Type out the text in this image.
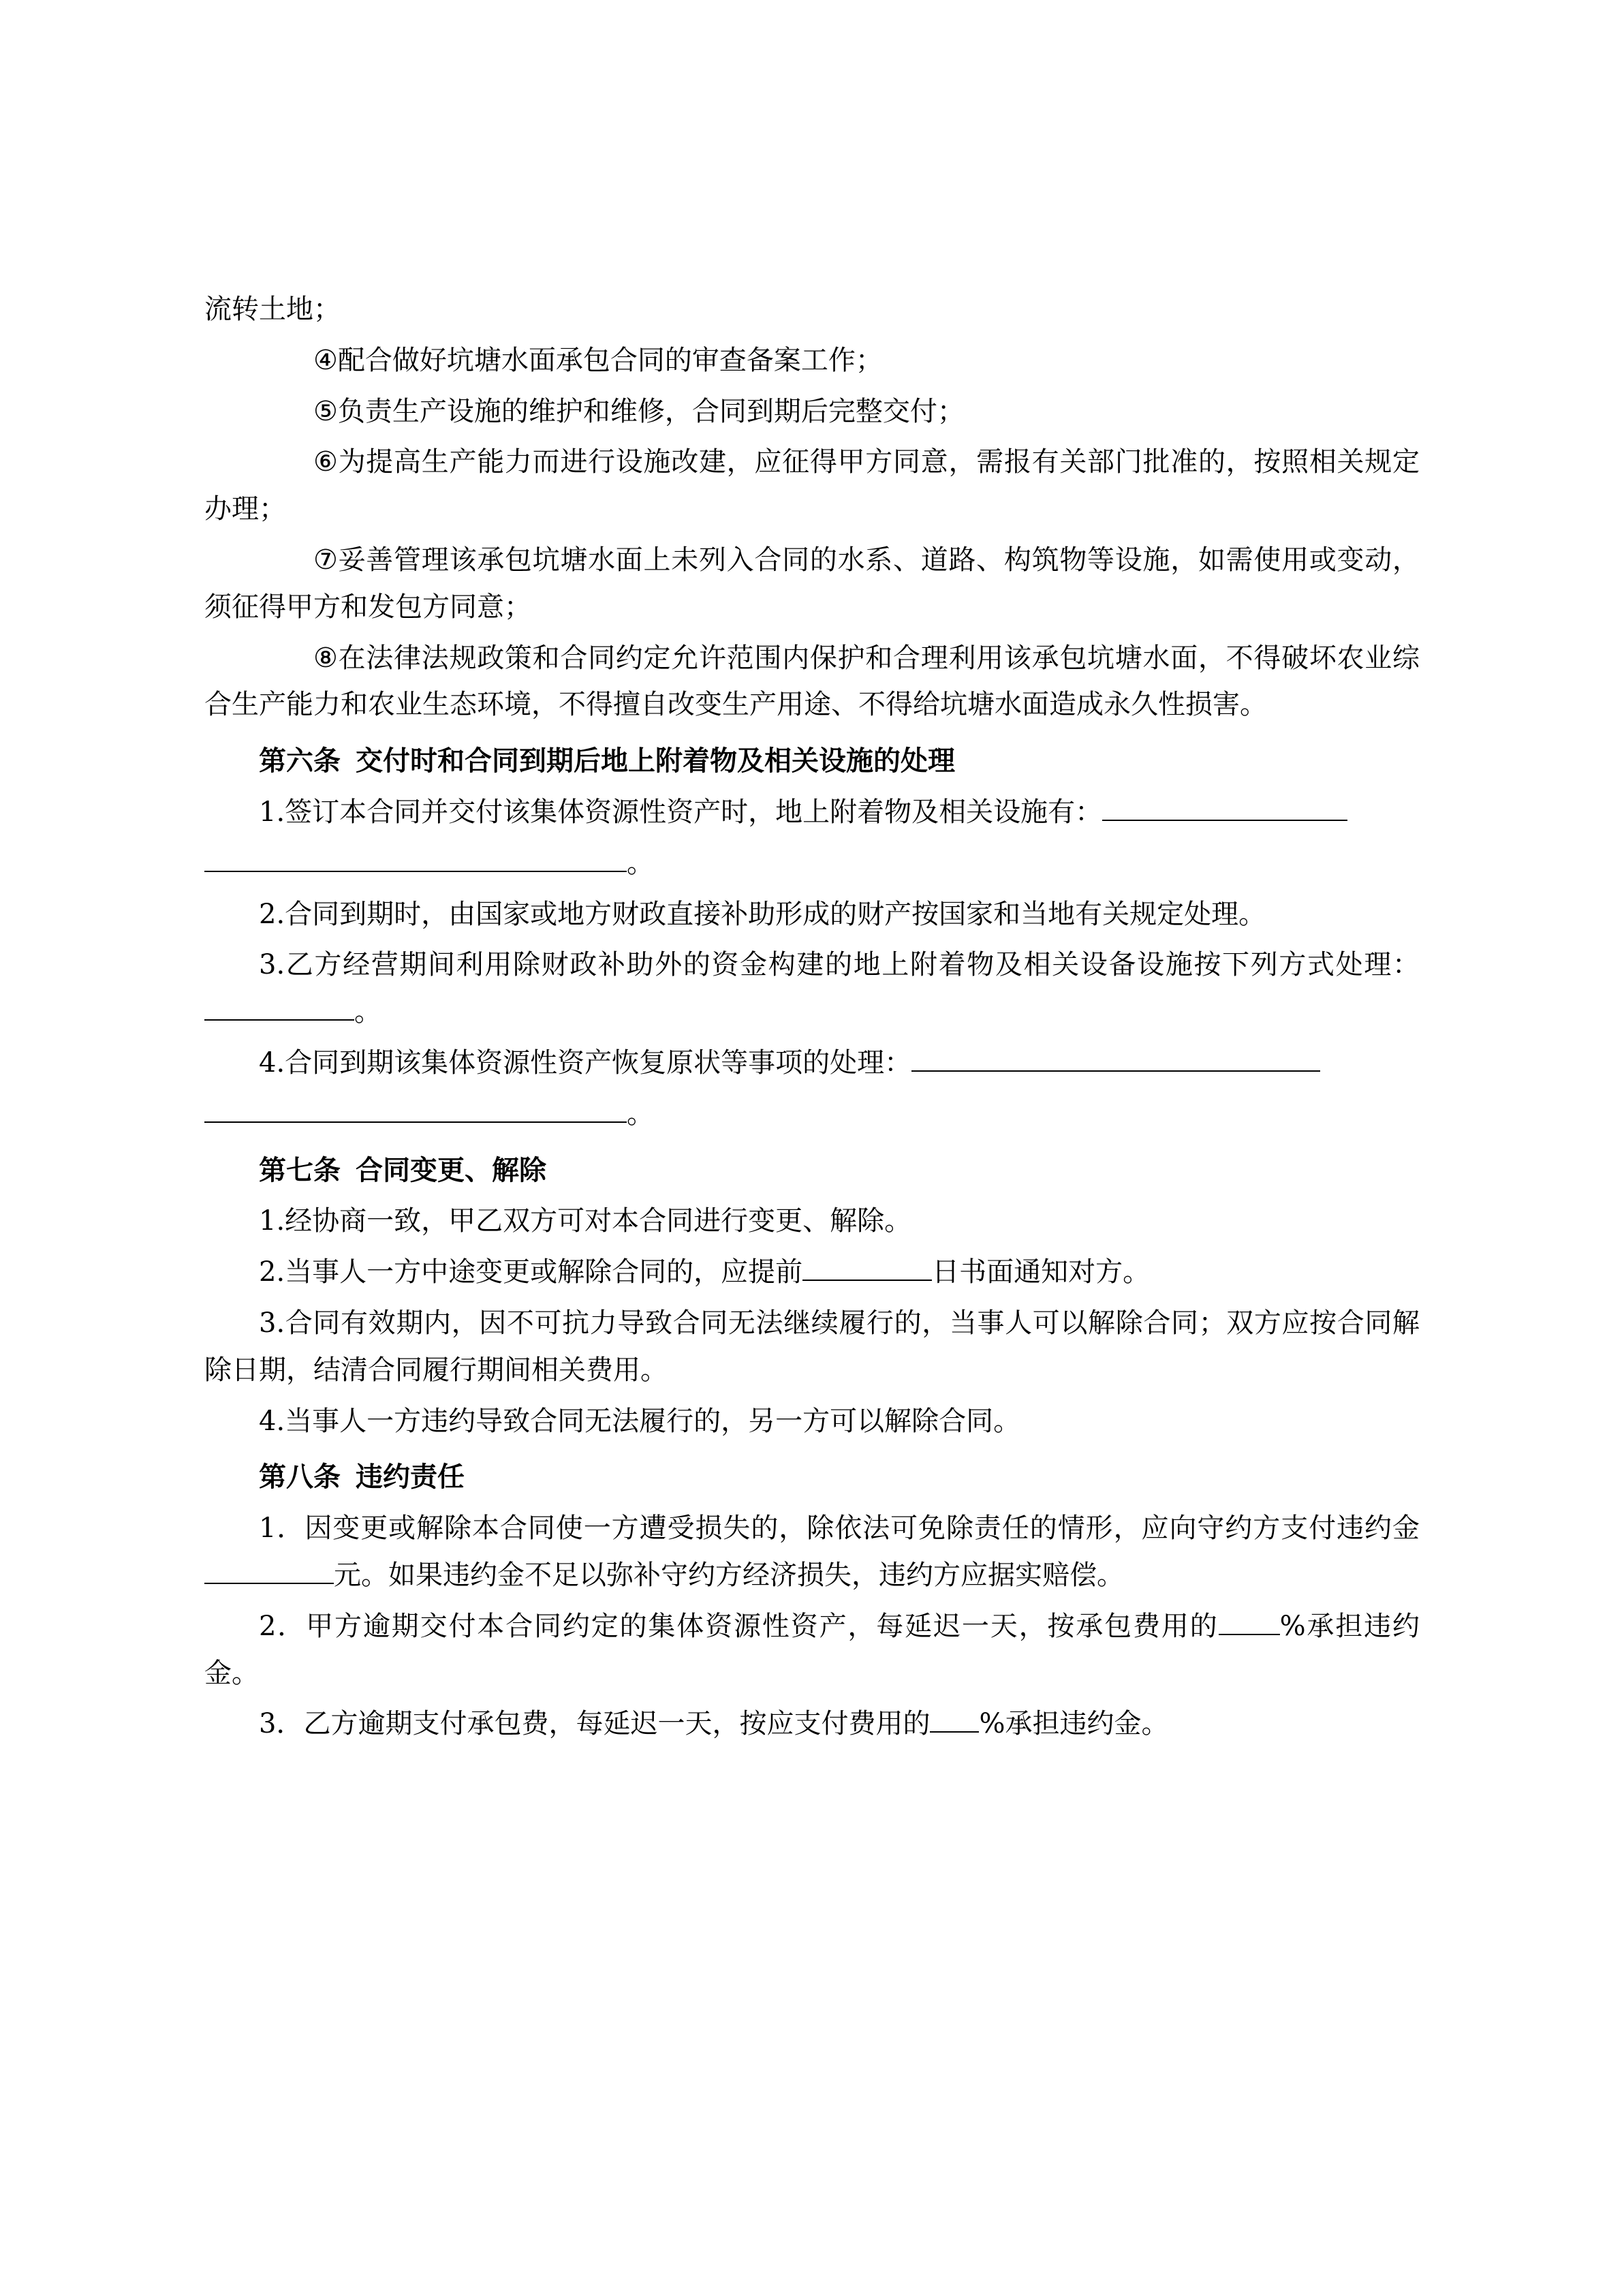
流转土地；

④配合做好坑塘水面承包合同的审查备案工作；

⑤负责生产设施的维护和维修，合同到期后完整交付；

⑥为提高生产能力而进行设施改建，应征得甲方同意，需报有关部门批准的，按照相关规定办理；

⑦妥善管理该承包坑塘水面上未列入合同的水系、道路、构筑物等设施，如需使用或变动，须征得甲方和发包方同意；

⑧在法律法规政策和合同约定允许范围内保护和合理利用该承包坑塘水面，不得破坏农业综合生产能力和农业生态环境，不得擅自改变生产用途、不得给坑塘水面造成永久性损害。

第六条 交付时和合同到期后地上附着物及相关设施的处理

1.签订本合同并交付该集体资源性资产时，地上附着物及相关设施有：

。

2.合同到期时，由国家或地方财政直接补助形成的财产按国家和当地有关规定处理。

3.乙方经营期间利用除财政补助外的资金构建的地上附着物及相关设备设施按下列方式处理：。

4.合同到期该集体资源性资产恢复原状等事项的处理：

。

第七条 合同变更、解除

1.经协商一致，甲乙双方可对本合同进行变更、解除。

2.当事人一方中途变更或解除合同的，应提前	日书面通知对方。

3.合同有效期内，因不可抗力导致合同无法继续履行的，当事人可以解除合同；双方应按合同解除日期，结清合同履行期间相关费用。

4.当事人一方违约导致合同无法履行的，另一方可以解除合同。

第八条 违约责任

1．因变更或解除本合同使一方遭受损失的，除依法可免除责任的情形，应向守约方支付违约金元。如果违约金不足以弥补守约方经济损失，违约方应据实赔偿。

2．甲方逾期交付本合同约定的集体资源性资产，每延迟一天，按承包费用的 %承担违约金。

3．乙方逾期支付承包费，每延迟一天，按应支付费用的 %承担违约金。
